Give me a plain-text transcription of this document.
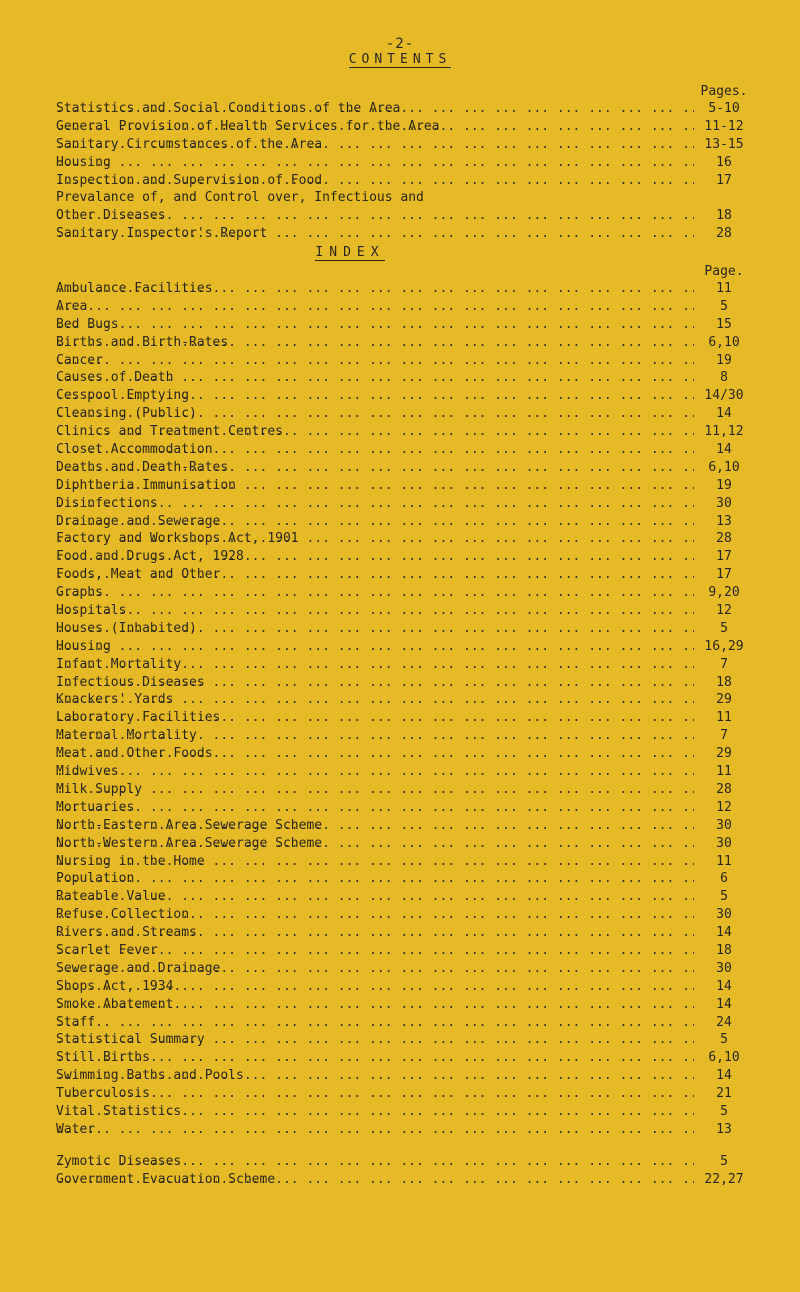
-2-
CONTENTS
Pages.
... .
Statistics and Social Conditions of the Area	5-10
... .
General Provision of Health Services for the Area	11-12
... .
Sanitary Circumstances of the Area	13-15
... .
Housing	16
... .
Inspection and Supervision of Food	17
Prevalance of, and Control over, Infectious and
... .
Other Diseases	18
... .
Sanitary Inspector's Report	28
INDEX
Page.
... .
Ambulance Facilities	11
... .
Area	5
... .
Bed Bugs	15
... .
Births and Birth-Rates	6,10
... .
Cancer	19
... .
Causes of Death	8
... .
Cesspool Emptying	14/30
... .
Cleansing (Public)	14
... .
Clinics and Treatment Centres	11,12
... .
Closet Accommodation	14
... .
Deaths and Death-Rates	6,10
... .
Diphtheria Immunisation	19
... .
Disinfections	30
... .
Drainage and Sewerage	13
... .
Factory and Workshops Act, 1901	28
... .
Food and Drugs Act, 1928	17
... .
Foods, Meat and Other	17
... .
Graphs	9,20
... .
Hospitals	12
... .
Houses (Inhabited)	5
... .
Housing	16,29
... .
Infant Mortality	7
... .
Infectious Diseases	18
... .
Knackers' Yards	29
... .
Laboratory Facilities	11
... .
Maternal Mortality	7
... .
Meat and Other Foods	29
... .
Midwives	11
... .
Milk Supply	28
... .
Mortuaries	12
... .
North-Eastern Area Sewerage Scheme	30
... .
North-Western Area Sewerage Scheme	30
... .
Nursing in the Home	11
... .
Population	6
... .
Rateable Value	5
... .
Refuse Collection	30
... .
Rivers and Streams	14
... .
Scarlet Fever	18
... .
Sewerage and Drainage	30
... .
Shops Act, 1934.	14
... .
Smoke Abatement.	14
... .
Staff	24
... .
Statistical Summary	5
... .
Still Births	6,10
... .
Swimming Baths and Pools	14
... .
Tuberculosis	21
... .
Vital Statistics	5
... .
Water	13
... .
Zymotic Diseases	5
... .
Government Evacuation Scheme	22,27
